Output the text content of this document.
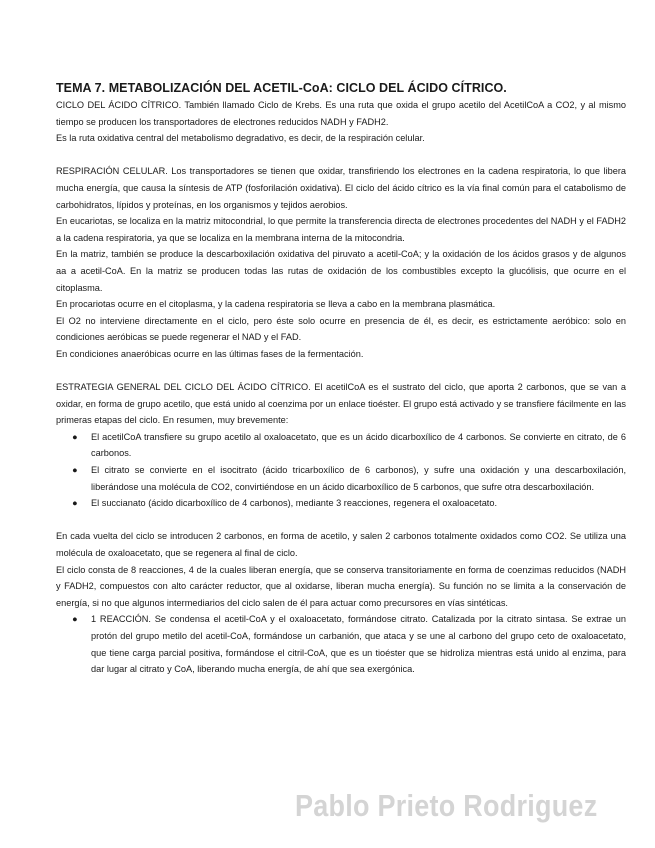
TEMA 7. METABOLIZACIÓN DEL ACETIL-CoA: CICLO DEL ÁCIDO CÍTRICO.

CICLO DEL ÁCIDO CÍTRICO. También llamado Ciclo de Krebs. Es una ruta que oxida el grupo acetilo del AcetilCoA a CO2, y al mismo tiempo se producen los transportadores de electrones reducidos NADH y FADH2.

Es la ruta oxidativa central del metabolismo degradativo, es decir, de la respiración celular.

RESPIRACIÓN CELULAR. Los transportadores se tienen que oxidar, transfiriendo los electrones en la cadena respiratoria, lo que libera mucha energía, que causa la síntesis de ATP (fosforilación oxidativa). El ciclo del ácido cítrico es la vía final común para el catabolismo de carbohidratos, lípidos y proteínas, en los organismos y tejidos aerobios.

En eucariotas, se localiza en la matriz mitocondrial, lo que permite la transferencia directa de electrones procedentes del NADH y el FADH2 a la cadena respiratoria, ya que se localiza en la membrana interna de la mitocondria.

En la matriz, también se produce la descarboxilación oxidativa del piruvato a acetil-CoA; y la oxidación de los ácidos grasos y de algunos aa a acetil-CoA. En la matriz se producen todas las rutas de oxidación de los combustibles excepto la glucólisis, que ocurre en el citoplasma.

En procariotas ocurre en el citoplasma, y la cadena respiratoria se lleva a cabo en la membrana plasmática.

El O2 no interviene directamente en el ciclo, pero éste solo ocurre en presencia de él, es decir, es estrictamente aeróbico: solo en condiciones aeróbicas se puede regenerar el NAD y el FAD.

En condiciones anaeróbicas ocurre en las últimas fases de la fermentación.

ESTRATEGIA GENERAL DEL CICLO DEL ÁCIDO CÍTRICO. El acetilCoA es el sustrato del ciclo, que aporta 2 carbonos, que se van a oxidar, en forma de grupo acetilo, que está unido al coenzima por un enlace tioéster. El grupo está activado y se transfiere fácilmente en las primeras etapas del ciclo. En resumen, muy brevemente:

● El acetilCoA transfiere su grupo acetilo al oxaloacetato, que es un ácido dicarboxílico de 4 carbonos. Se convierte en citrato, de 6 carbonos.
● El citrato se convierte en el isocitrato (ácido tricarboxílico de 6 carbonos), y sufre una oxidación y una descarboxilación, liberándose una molécula de CO2, convirtiéndose en un ácido dicarboxílico de 5 carbonos, que sufre otra descarboxilación.
● El succianato (ácido dicarboxílico de 4 carbonos), mediante 3 reacciones, regenera el oxaloacetato.

En cada vuelta del ciclo se introducen 2 carbonos, en forma de acetilo, y salen 2 carbonos totalmente oxidados como CO2. Se utiliza una molécula de oxaloacetato, que se regenera al final de ciclo.

El ciclo consta de 8 reacciones, 4 de la cuales liberan energía, que se conserva transitoriamente en forma de coenzimas reducidos (NADH y FADH2, compuestos con alto carácter reductor, que al oxidarse, liberan mucha energía). Su función no se limita a la conservación de energía, si no que algunos intermediarios del ciclo salen de él para actuar como precursores en vías sintéticas.

● 1 REACCIÓN. Se condensa el acetil-CoA y el oxaloacetato, formándose citrato. Catalizada por la citrato sintasa. Se extrae un protón del grupo metilo del acetil-CoA, formándose un carbanión, que ataca y se une al carbono del grupo ceto de oxaloacetato, que tiene carga parcial positiva, formándose el citril-CoA, que es un tioéster que se hidroliza mientras está unido al enzima, para dar lugar al citrato y CoA, liberando mucha energía, de ahí que sea exergónica.
Pablo Prieto Rodriguez
